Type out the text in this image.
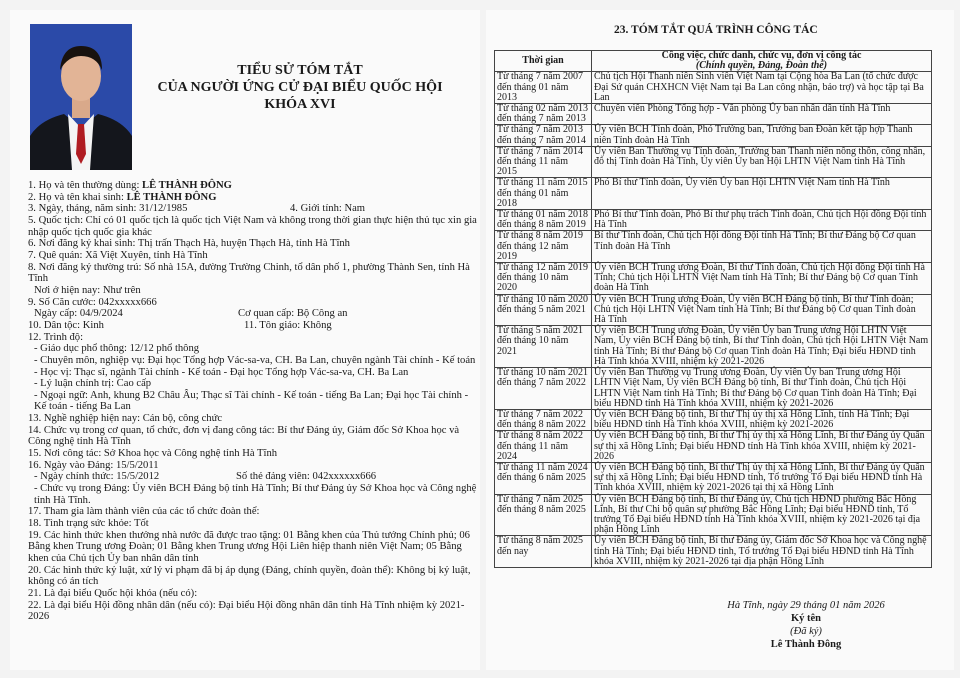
TIỂU SỬ TÓM TẮT
CỦA NGƯỜI ỨNG CỬ ĐẠI BIỂU QUỐC HỘI
KHÓA XVI
1. Họ và tên thường dùng: LÊ THÀNH ĐÔNG
2. Họ và tên khai sinh: LÊ THÀNH ĐÔNG
3. Ngày, tháng, năm sinh: 31/12/1985	4. Giới tính: Nam
5. Quốc tịch: Chỉ có 01 quốc tịch là quốc tịch Việt Nam và không trong thời gian thực hiện thủ tục xin gia nhập quốc tịch quốc gia khác
6. Nơi đăng ký khai sinh: Thị trấn Thạch Hà, huyện Thạch Hà, tỉnh Hà Tĩnh
7. Quê quán: Xã Việt Xuyên, tỉnh Hà Tĩnh
8. Nơi đăng ký thường trú: Số nhà 15A, đường Trường Chinh, tổ dân phố 1, phường Thành Sen, tỉnh Hà Tĩnh
Nơi ở hiện nay: Như trên
9. Số Căn cước: 042xxxxx666
Ngày cấp: 04/9/2024	Cơ quan cấp: Bộ Công an
10. Dân tộc: Kinh	11. Tôn giáo: Không
12. Trình độ:
- Giáo dục phổ thông: 12/12 phổ thông
- Chuyên môn, nghiệp vụ: Đại học Tổng hợp Vác-sa-va, CH. Ba Lan, chuyên ngành Tài chính - Kế toán
- Học vị: Thạc sĩ, ngành Tài chính - Kế toán - Đại học Tổng hợp Vác-sa-va, CH. Ba Lan
- Lý luận chính trị: Cao cấp
- Ngoại ngữ: Anh, khung B2 Châu Âu; Thạc sĩ Tài chính - Kế toán - tiếng Ba Lan; Đại học Tài chính - Kế toán - tiếng Ba Lan
13. Nghề nghiệp hiện nay: Cán bộ, công chức
14. Chức vụ trong cơ quan, tổ chức, đơn vị đang công tác: Bí thư Đảng ủy, Giám đốc Sở Khoa học và Công nghệ tỉnh Hà Tĩnh
15. Nơi công tác: Sở Khoa học và Công nghệ tỉnh Hà Tĩnh
16. Ngày vào Đảng: 15/5/2011
- Ngày chính thức: 15/5/2012	Số thẻ đảng viên: 042xxxxxx666
- Chức vụ trong Đảng: Ủy viên BCH Đảng bộ tỉnh Hà Tĩnh; Bí thư Đảng ủy Sở Khoa học và Công nghệ tỉnh Hà Tĩnh.
17. Tham gia làm thành viên của các tổ chức đoàn thể:
18. Tình trạng sức khỏe: Tốt
19. Các hình thức khen thưởng nhà nước đã được trao tặng: 01 Bằng khen của Thủ tướng Chính phủ; 06 Bằng khen Trung ương Đoàn; 01 Bằng khen Trung ương Hội Liên hiệp thanh niên Việt Nam; 05 Bằng khen của Chủ tịch Ủy ban nhân dân tỉnh
20. Các hình thức kỷ luật, xử lý vi phạm đã bị áp dụng (Đảng, chính quyền, đoàn thể): Không bị kỷ luật, không có án tích
21. Là đại biểu Quốc hội khóa (nếu có):
22. Là đại biểu Hội đồng nhân dân (nếu có): Đại biểu Hội đồng nhân dân tỉnh Hà Tĩnh nhiệm kỳ 2021-2026
23. TÓM TẮT QUÁ TRÌNH CÔNG TÁC
Thời gian	Công việc, chức danh, chức vụ, đơn vị công tác
(Chính quyền, Đảng, Đoàn thể)

Từ tháng 7 năm 2007
đến tháng 01 năm 2013	Chủ tịch Hội Thanh niên Sinh viên Việt Nam tại Cộng hòa Ba Lan (tổ chức được Đại Sứ quán CHXHCN Việt Nam tại Ba Lan công nhận, bảo trợ) và học tập tại Ba Lan

Từ tháng 02 năm 2013
đến tháng 7 năm 2013	Chuyên viên Phòng Tổng hợp - Văn phòng Ủy ban nhân dân tỉnh Hà Tĩnh

Từ tháng 7 năm 2013
đến tháng 7 năm 2014	Ủy viên BCH Tỉnh đoàn, Phó Trưởng ban, Trưởng ban Đoàn kết tập hợp Thanh niên Tỉnh đoàn Hà Tĩnh

Từ tháng 7 năm 2014
đến tháng 11 năm 2015	Ủy viên Ban Thường vụ Tỉnh đoàn, Trưởng ban Thanh niên nông thôn, công nhân, đô thị Tỉnh đoàn Hà Tĩnh, Ủy viên Ủy ban Hội LHTN Việt Nam tỉnh Hà Tĩnh

Từ tháng 11 năm 2015
đến tháng 01 năm 2018	Phó Bí thư Tỉnh đoàn, Ủy viên Ủy ban Hội LHTN Việt Nam tỉnh Hà Tĩnh

Từ tháng 01 năm 2018
đến tháng 8 năm 2019	Phó Bí thư Tỉnh đoàn, Phó Bí thư phụ trách Tỉnh đoàn, Chủ tịch Hội đồng Đội tỉnh Hà Tĩnh

Từ tháng 8 năm 2019
đến tháng 12 năm 2019	Bí thư Tỉnh đoàn, Chủ tịch Hội đồng Đội tỉnh Hà Tĩnh; Bí thư Đảng bộ Cơ quan Tỉnh đoàn Hà Tĩnh

Từ tháng 12 năm 2019
đến tháng 10 năm 2020	Ủy viên BCH Trung ương Đoàn, Bí thư Tỉnh đoàn, Chủ tịch Hội đồng Đội tỉnh Hà Tĩnh; Chủ tịch Hội LHTN Việt Nam tỉnh Hà Tĩnh; Bí thư Đảng bộ Cơ quan Tỉnh đoàn Hà Tĩnh

Từ tháng 10 năm 2020
đến tháng 5 năm 2021	Ủy viên BCH Trung ương Đoàn, Ủy viên BCH Đảng bộ tỉnh, Bí thư Tỉnh đoàn; Chủ tịch Hội LHTN Việt Nam tỉnh Hà Tĩnh; Bí thư Đảng bộ Cơ quan Tỉnh đoàn Hà Tĩnh

Từ tháng 5 năm 2021
đến tháng 10 năm 2021	Ủy viên BCH Trung ương Đoàn, Ủy viên Ủy ban Trung ương Hội LHTN Việt Nam, Ủy viên BCH Đảng bộ tỉnh, Bí thư Tỉnh đoàn, Chủ tịch Hội LHTN Việt Nam tỉnh Hà Tĩnh; Bí thư Đảng bộ Cơ quan Tỉnh đoàn Hà Tĩnh; Đại biểu HĐND tỉnh Hà Tĩnh khóa XVIII, nhiệm kỳ 2021-2026

Từ tháng 10 năm 2021
đến tháng 7 năm 2022	Ủy viên Ban Thường vụ Trung ương Đoàn, Ủy viên Ủy ban Trung ương Hội LHTN Việt Nam, Ủy viên BCH Đảng bộ tỉnh, Bí thư Tỉnh đoàn, Chủ tịch Hội LHTN Việt Nam tỉnh Hà Tĩnh; Bí thư Đảng bộ Cơ quan Tỉnh đoàn Hà Tĩnh; Đại biểu HĐND tỉnh Hà Tĩnh khóa XVIII, nhiệm kỳ 2021-2026

Từ tháng 7 năm 2022
đến tháng 8 năm 2022	Ủy viên BCH Đảng bộ tỉnh, Bí thư Thị ủy thị xã Hồng Lĩnh, tỉnh Hà Tĩnh; Đại biểu HĐND tỉnh Hà Tĩnh khóa XVIII, nhiệm kỳ 2021-2026

Từ tháng 8 năm 2022
đến tháng 11 năm 2024	Ủy viên BCH Đảng bộ tỉnh, Bí thư Thị ủy thị xã Hồng Lĩnh, Bí thư Đảng ủy Quân sự thị xã Hồng Lĩnh; Đại biểu HĐND tỉnh Hà Tĩnh khóa XVIII, nhiệm kỳ 2021-2026

Từ tháng 11 năm 2024
đến tháng 6 năm 2025	Ủy viên BCH Đảng bộ tỉnh, Bí thư Thị ủy thị xã Hồng Lĩnh, Bí thư Đảng ủy Quân sự thị xã Hồng Lĩnh; Đại biểu HĐND tỉnh, Tổ trưởng Tổ Đại biểu HĐND tỉnh Hà Tĩnh khóa XVIII, nhiệm kỳ 2021-2026 tại thị xã Hồng Lĩnh

Từ tháng 7 năm 2025
đến tháng 8 năm 2025	Ủy viên BCH Đảng bộ tỉnh, Bí thư Đảng ủy, Chủ tịch HĐND phường Bắc Hồng Lĩnh, Bí thư Chi bộ quân sự phường Bắc Hồng Lĩnh; Đại biểu HĐND tỉnh, Tổ trưởng Tổ Đại biểu HĐND tỉnh Hà Tĩnh khóa XVIII, nhiệm kỳ 2021-2026 tại địa phận Hồng Lĩnh

Từ tháng 8 năm 2025
đến nay	Ủy viên BCH Đảng bộ tỉnh, Bí thư Đảng ủy, Giám đốc Sở Khoa học và Công nghệ tỉnh Hà Tĩnh; Đại biểu HĐND tỉnh, Tổ trưởng Tổ Đại biểu HĐND tỉnh Hà Tĩnh khóa XVIII, nhiệm kỳ 2021-2026 tại địa phận Hồng Lĩnh
Hà Tĩnh, ngày 29 tháng 01 năm 2026
Ký tên
(Đã ký)
Lê Thành Đông
